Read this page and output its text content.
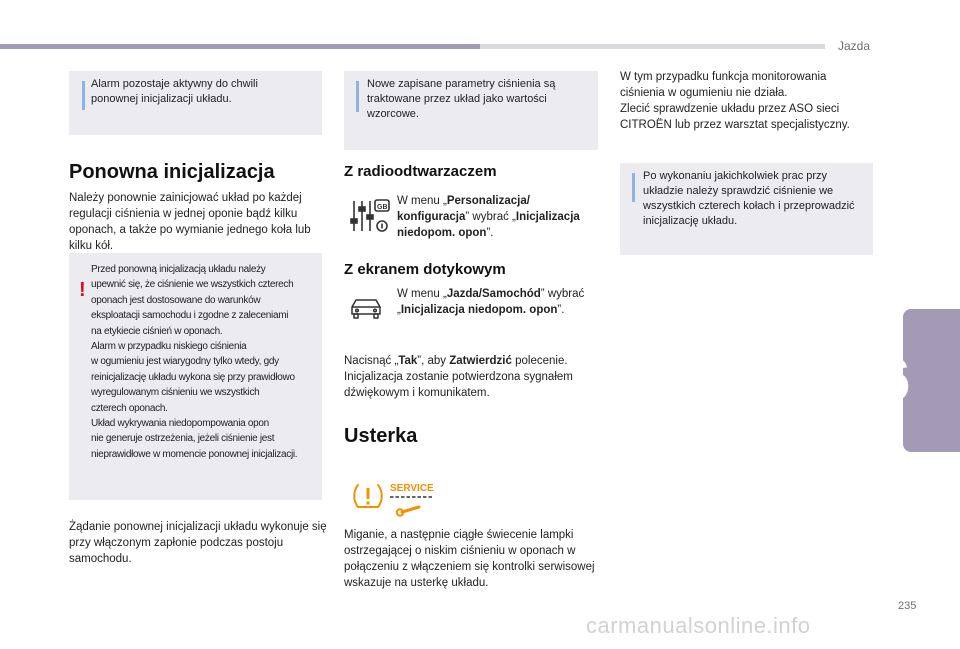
Jazda
6
Alarm pozostaje aktywny do chwili ponownej inicjalizacji układu.
Ponowna inicjalizacja
Należy ponownie zainicjować układ po każdej regulacji ciśnienia w jednej oponie bądź kilku oponach, a także po wymianie jednego koła lub kilku kół.
!
Przed ponowną inicjalizacją układu należy
upewnić się, że ciśnienie we wszystkich czterech
oponach jest dostosowane do warunków
eksploatacji samochodu i zgodne z zaleceniami
na etykiecie ciśnień w oponach.
Alarm w przypadku niskiego ciśnienia
w ogumieniu jest wiarygodny tylko wtedy, gdy
reinicjalizację układu wykona się przy prawidłowo
wyregulowanym ciśnieniu we wszystkich
czterech oponach.
Układ wykrywania niedopompowania opon
nie generuje ostrzeżenia, jeżeli ciśnienie jest
nieprawidłowe w momencie ponownej inicjalizacji.
Żądanie ponownej inicjalizacji układu wykonuje się przy włączonym zapłonie podczas postoju samochodu.
Nowe zapisane parametry ciśnienia są traktowane przez układ jako wartości wzorcowe.
Z radioodtwarzaczem
GB
W menu „Personalizacja/ konfiguracja” wybrać „Inicjalizacja niedopom. opon”.
Z ekranem dotykowym
W menu „Jazda/Samochód” wybrać „Inicjalizacja niedopom. opon”.
Nacisnąć „Tak”, aby Zatwierdzić polecenie. Inicjalizacja zostanie potwierdzona sygnałem dźwiękowym i komunikatem.
Usterka
SERVICE
Miganie, a następnie ciągłe świecenie lampki ostrzegającej o niskim ciśnieniu w oponach w połączeniu z włączeniem się kontrolki serwisowej wskazuje na usterkę układu.
W tym przypadku funkcja monitorowania ciśnienia w ogumieniu nie działa.
Zlecić sprawdzenie układu przez ASO sieci CITROËN lub przez warsztat specjalistyczny.
Po wykonaniu jakichkolwiek prac przy układzie należy sprawdzić ciśnienie we wszystkich czterech kołach i przeprowadzić inicjalizację układu.
235
carmanualsonline.info
